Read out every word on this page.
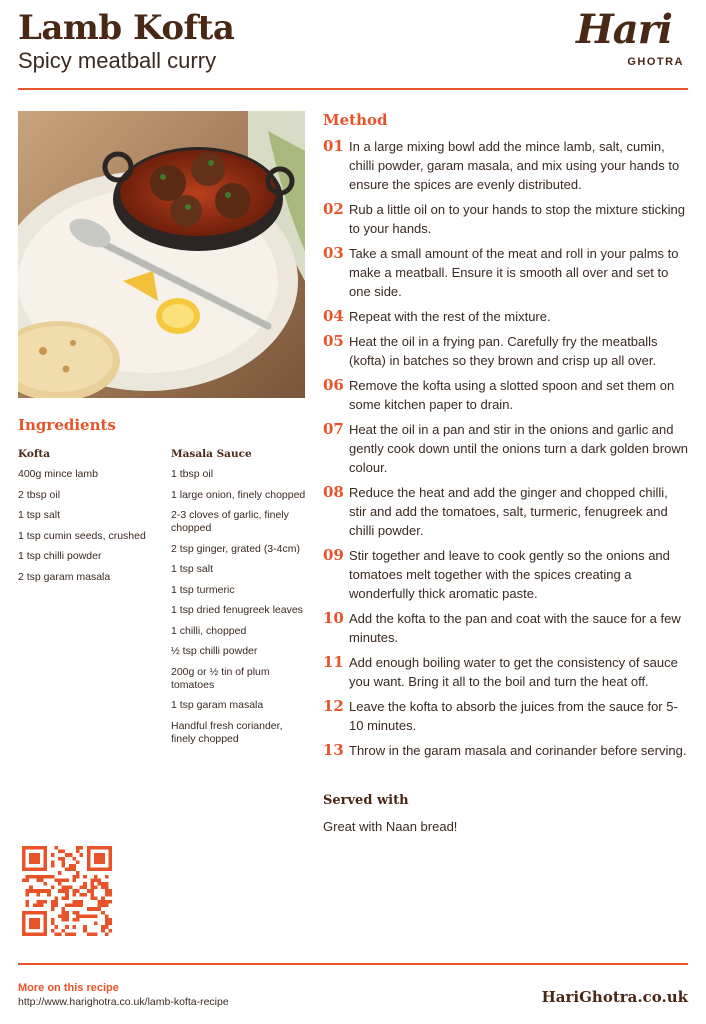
Lamb Kofta
Spicy meatball curry
Hari
GHOTRA
Ingredients
Kofta
400g mince lamb
2 tbsp oil
1 tsp salt
1 tsp cumin seeds, crushed
1 tsp chilli powder
2 tsp garam masala
Masala Sauce
1 tbsp oil
1 large onion, finely chopped
2-3 cloves of garlic, finely chopped
2 tsp ginger, grated (3-4cm)
1 tsp salt
1 tsp turmeric
1 tsp dried fenugreek leaves
1 chilli, chopped
½ tsp chilli powder
200g or ½ tin of plum tomatoes
1 tsp garam masala
Handful fresh coriander, finely chopped
Method
01 In a large mixing bowl add the mince lamb, salt, cumin, chilli powder, garam masala, and mix using your hands to ensure the spices are evenly distributed.
02 Rub a little oil on to your hands to stop the mixture sticking to your hands.
03 Take a small amount of the meat and roll in your palms to make a meatball. Ensure it is smooth all over and set to one side.
04 Repeat with the rest of the mixture.
05 Heat the oil in a frying pan. Carefully fry the meatballs (kofta) in batches so they brown and crisp up all over.
06 Remove the kofta using a slotted spoon and set them on some kitchen paper to drain.
07 Heat the oil in a pan and stir in the onions and garlic and gently cook down until the onions turn a dark golden brown colour.
08 Reduce the heat and add the ginger and chopped chilli, stir and add the tomatoes, salt, turmeric, fenugreek and chilli powder.
09 Stir together and leave to cook gently so the onions and tomatoes melt together with the spices creating a wonderfully thick aromatic paste.
10 Add the kofta to the pan and coat with the sauce for a few minutes.
11 Add enough boiling water to get the consistency of sauce you want. Bring it all to the boil and turn the heat off.
12 Leave the kofta to absorb the juices from the sauce for 5-10 minutes.
13 Throw in the garam masala and corinander before serving.
Served with
Great with Naan bread!
More on this recipe
http://www.harighotra.co.uk/lamb-kofta-recipe	HariGhotra.co.uk
